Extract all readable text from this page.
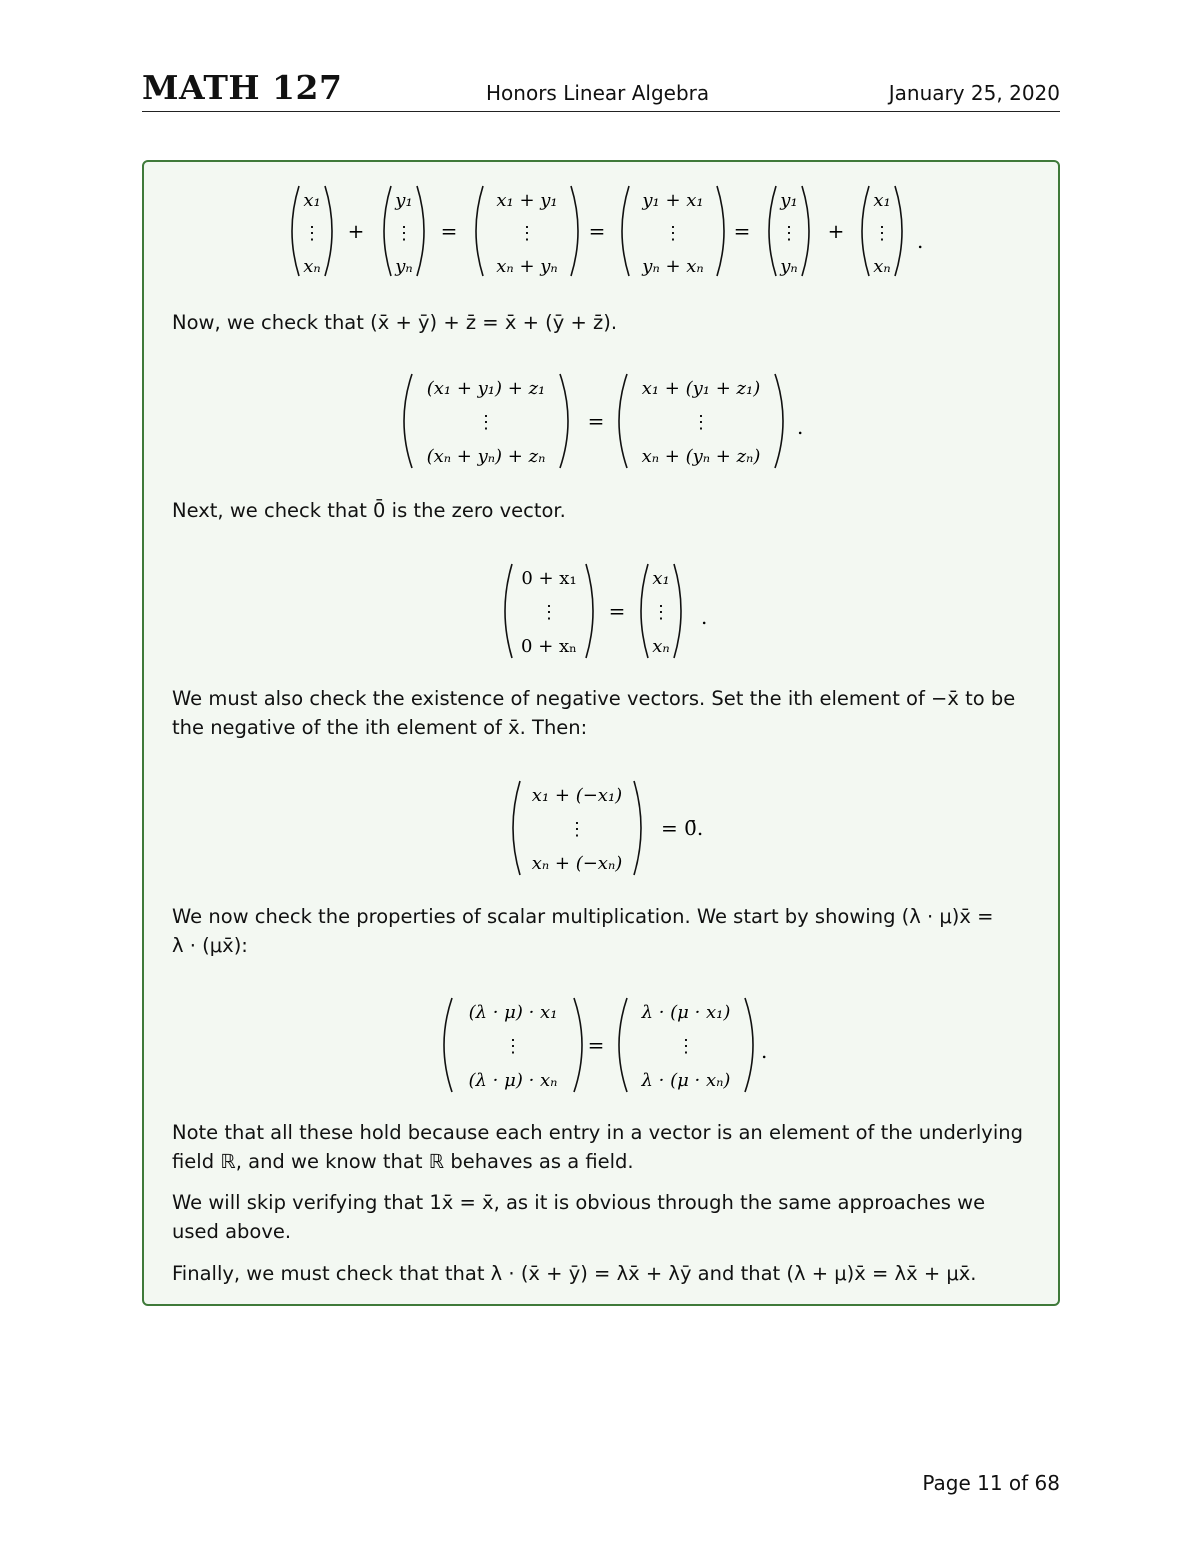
MATH 127	Honors Linear Algebra	January 25, 2020
x₁
⋮
xₙ
+
y₁
⋮
yₙ
=
x₁ + y₁
⋮
xₙ + yₙ
=
y₁ + x₁
⋮
yₙ + xₙ
=
y₁
⋮
yₙ
+
x₁
⋮
xₙ
.
Now, we check that (x̄ + ȳ) + z̄ = x̄ + (ȳ + z̄).
(x₁ + y₁) + z₁
⋮
(xₙ + yₙ) + zₙ
=
x₁ + (y₁ + z₁)
⋮
xₙ + (yₙ + zₙ)
.
Next, we check that 0̄ is the zero vector.
0 + x₁
⋮
0 + xₙ
=
x₁
⋮
xₙ
.
We must also check the existence of negative vectors. Set the ith element of −x̄ to be
the negative of the ith element of x̄. Then:
x₁ + (−x₁)
⋮
xₙ + (−xₙ)
= 0̄.
We now check the properties of scalar multiplication. We start by showing (λ · μ)x̄ =
λ · (μx̄):
(λ · μ) · x₁
⋮
(λ · μ) · xₙ
=
λ · (μ · x₁)
⋮
λ · (μ · xₙ)
.
Note that all these hold because each entry in a vector is an element of the underlying
field ℝ, and we know that ℝ behaves as a field.
We will skip verifying that 1x̄ = x̄, as it is obvious through the same approaches we
used above.
Finally, we must check that that λ · (x̄ + ȳ) = λx̄ + λȳ and that (λ + μ)x̄ = λx̄ + μx̄.
Page 11 of 68
